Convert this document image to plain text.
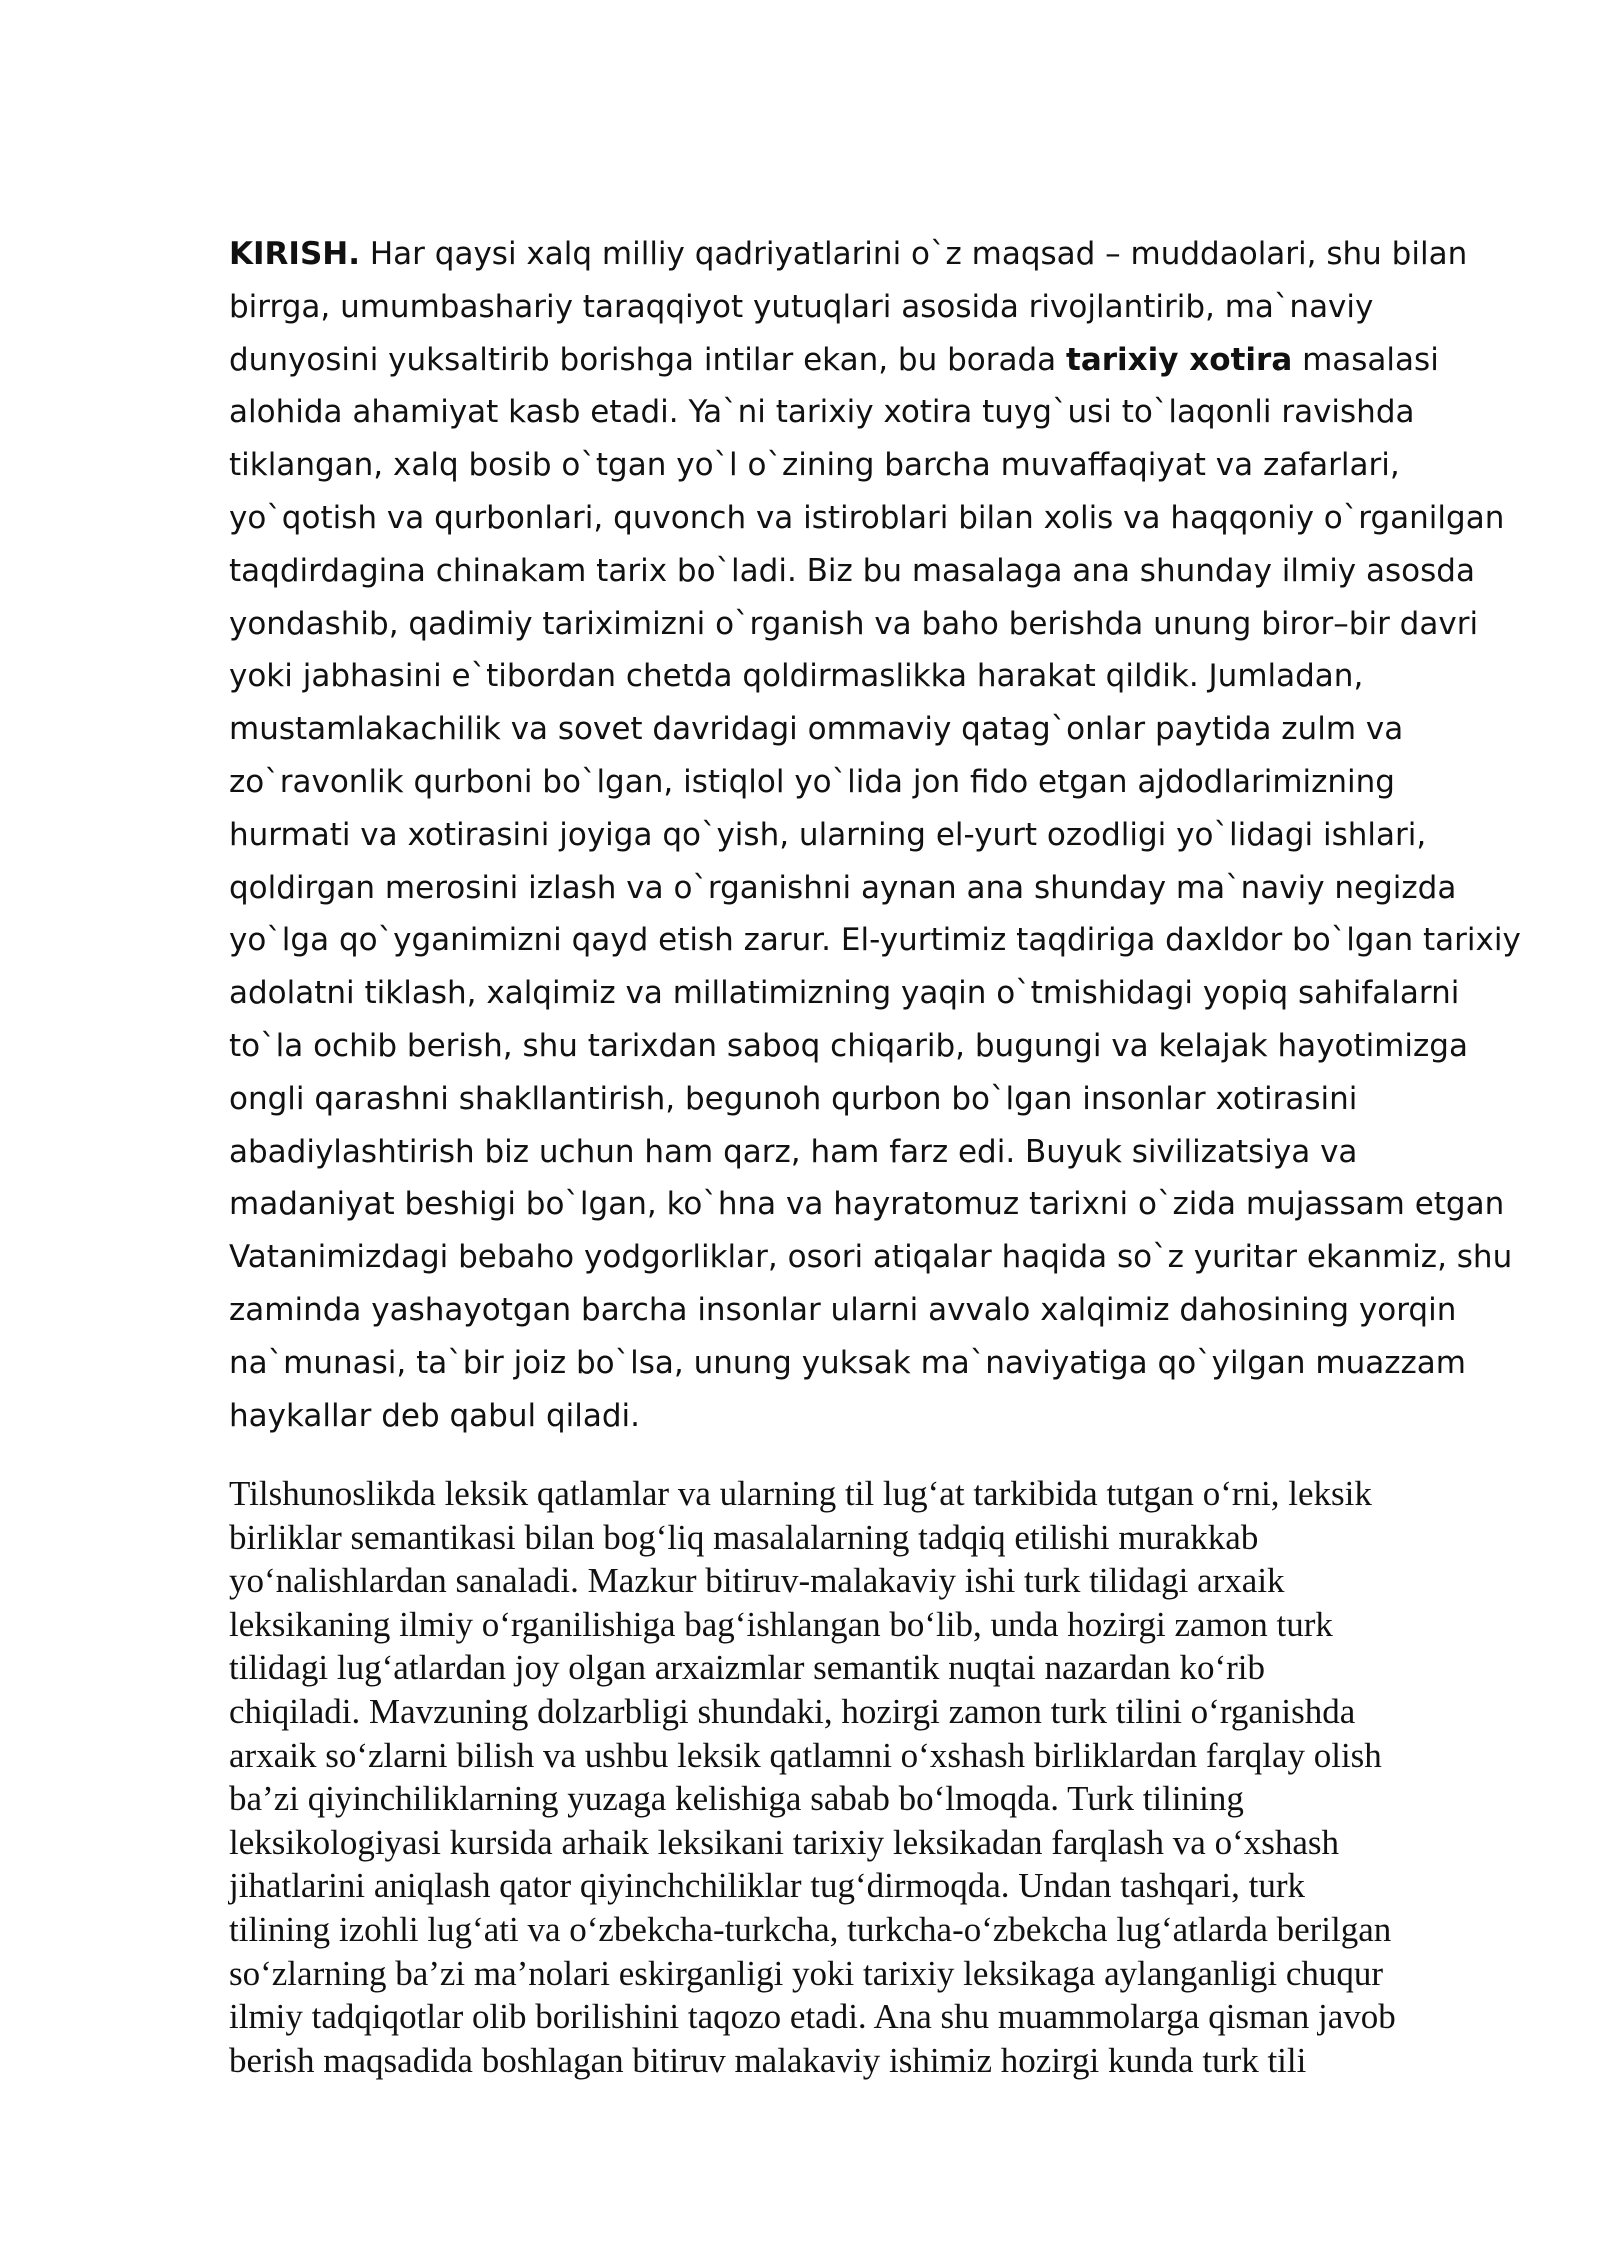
KIRISH. Har qaysi xalq milliy qadriyatlarini o`z maqsad – muddaolari, shu bilan
birrga, umumbashariy taraqqiyot yutuqlari asosida rivojlantirib, ma`naviy
dunyosini yuksaltirib borishga intilar ekan, bu borada tarixiy xotira masalasi
alohida ahamiyat kasb etadi. Ya`ni tarixiy xotira tuyg`usi to`laqonli ravishda
tiklangan, xalq bosib o`tgan yo`l o`zining barcha muvaffaqiyat va zafarlari,
yo`qotish va qurbonlari, quvonch va istiroblari bilan xolis va haqqoniy o`rganilgan
taqdirdagina chinakam tarix bo`ladi. Biz bu masalaga ana shunday ilmiy asosda
yondashib, qadimiy tariximizni o`rganish va baho berishda unung biror–bir davri
yoki jabhasini e`tibordan chetda qoldirmaslikka harakat qildik. Jumladan,
mustamlakachilik va sovet davridagi ommaviy qatag`onlar paytida zulm va
zo`ravonlik qurboni bo`lgan, istiqlol yo`lida jon fido etgan ajdodlarimizning
hurmati va xotirasini joyiga qo`yish, ularning el-yurt ozodligi yo`lidagi ishlari,
qoldirgan merosini izlash va o`rganishni aynan ana shunday ma`naviy negizda
yo`lga qo`yganimizni qayd etish zarur. El-yurtimiz taqdiriga daxldor bo`lgan tarixiy
adolatni tiklash, xalqimiz va millatimizning yaqin o`tmishidagi yopiq sahifalarni
to`la ochib berish, shu tarixdan saboq chiqarib, bugungi va kelajak hayotimizga
ongli qarashni shakllantirish, begunoh qurbon bo`lgan insonlar xotirasini
abadiylashtirish biz uchun ham qarz, ham farz edi. Buyuk sivilizatsiya va
madaniyat beshigi bo`lgan, ko`hna va hayratomuz tarixni o`zida mujassam etgan
Vatanimizdagi bebaho yodgorliklar, osori atiqalar haqida so`z yuritar ekanmiz, shu
zaminda yashayotgan barcha insonlar ularni avvalo xalqimiz dahosining yorqin
na`munasi, ta`bir joiz bo`lsa, unung yuksak ma`naviyatiga qo`yilgan muazzam
haykallar deb qabul qiladi.
Tilshunoslikda leksik qatlamlar va ularning til lug‘at tarkibida tutgan o‘rni, leksik
birliklar semantikasi bilan bog‘liq masalalarning tadqiq etilishi murakkab
yo‘nalishlardan sanaladi. Mazkur bitiruv-malakaviy ishi turk tilidagi arxaik
leksikaning ilmiy o‘rganilishiga bag‘ishlangan bo‘lib, unda hozirgi zamon turk
tilidagi lug‘atlardan joy olgan arxaizmlar semantik nuqtai nazardan ko‘rib
chiqiladi. Mavzuning dolzarbligi shundaki, hozirgi zamon turk tilini o‘rganishda
arxaik so‘zlarni bilish va ushbu leksik qatlamni o‘xshash birliklardan farqlay olish
ba’zi qiyinchiliklarning yuzaga kelishiga sabab bo‘lmoqda. Turk tilining
leksikologiyasi kursida arhaik leksikani tarixiy leksikadan farqlash va o‘xshash
jihatlarini aniqlash qator qiyinchchiliklar tug‘dirmoqda. Undan tashqari, turk
tilining izohli lug‘ati va o‘zbekcha-turkcha, turkcha-o‘zbekcha lug‘atlarda berilgan
so‘zlarning ba’zi ma’nolari eskirganligi yoki tarixiy leksikaga aylanganligi chuqur
ilmiy tadqiqotlar olib borilishini taqozo etadi. Ana shu muammolarga qisman javob
berish maqsadida boshlagan bitiruv malakaviy ishimiz hozirgi kunda turk tili
